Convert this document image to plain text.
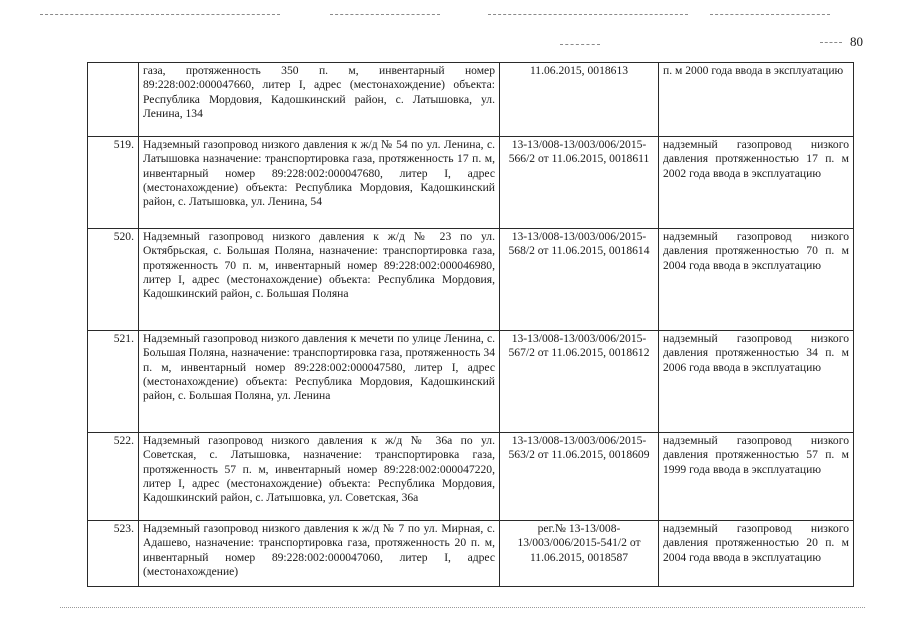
80
	газа, протяженность 350 п. м, инвентарный номер 89:228:002:000047660, литер I, адрес (местонахождение) объекта: Республика Мордовия, Кадошкинский район, с. Латышовка, ул. Ленина, 134	11.06.2015, 0018613	п. м 2000 года ввода в эксплуатацию
519.	Надземный газопровод низкого давления к ж/д № 54 по ул. Ленина, с. Латышовка назначение: транспортировка газа, протяженность 17 п. м, инвентарный номер 89:228:002:000047680, литер I, адрес (местонахождение) объекта: Республика Мордовия, Кадошкинский район, с. Латышовка, ул. Ленина, 54	13-13/008-13/003/006/2015-566/2 от 11.06.2015, 0018611	надземный газопровод низкого давления протяженностью 17 п. м 2002 года ввода в эксплуатацию
520.	Надземный газопровод низкого давления к ж/д № 23 по ул. Октябрьская, с. Большая Поляна, назначение: транспортировка газа, протяженность 70 п. м, инвентарный номер 89:228:002:000046980, литер I, адрес (местонахождение) объекта: Республика Мордовия, Кадошкинский район, с. Большая Поляна	13-13/008-13/003/006/2015-568/2 от 11.06.2015, 0018614	надземный газопровод низкого давления протяженностью 70 п. м 2004 года ввода в эксплуатацию
521.	Надземный газопровод низкого давления к мечети по улице Ленина, с. Большая Поляна, назначение: транспортировка газа, протяженность 34 п. м, инвентарный номер 89:228:002:000047580, литер I, адрес (местонахождение) объекта: Республика Мордовия, Кадошкинский район, с. Большая Поляна, ул. Ленина	13-13/008-13/003/006/2015-567/2 от 11.06.2015, 0018612	надземный газопровод низкого давления протяженностью 34 п. м 2006 года ввода в эксплуатацию
522.	Надземный газопровод низкого давления к ж/д № 36а по ул. Советская, с. Латышовка, назначение: транспортировка газа, протяженность 57 п. м, инвентарный номер 89:228:002:000047220, литер I, адрес (местонахождение) объекта: Республика Мордовия, Кадошкинский район, с. Латышовка, ул. Советская, 36а	13-13/008-13/003/006/2015-563/2 от 11.06.2015, 0018609	надземный газопровод низкого давления протяженностью 57 п. м 1999 года ввода в эксплуатацию
523.	Надземный газопровод низкого давления к ж/д № 7 по ул. Мирная, с. Адашево, назначение: транспортировка газа, протяженность 20 п. м, инвентарный номер 89:228:002:000047060, литер I, адрес (местонахождение)	рег.№ 13-13/008-13/003/006/2015-541/2 от 11.06.2015, 0018587	надземный газопровод низкого давления протяженностью 20 п. м 2004 года ввода в эксплуатацию
